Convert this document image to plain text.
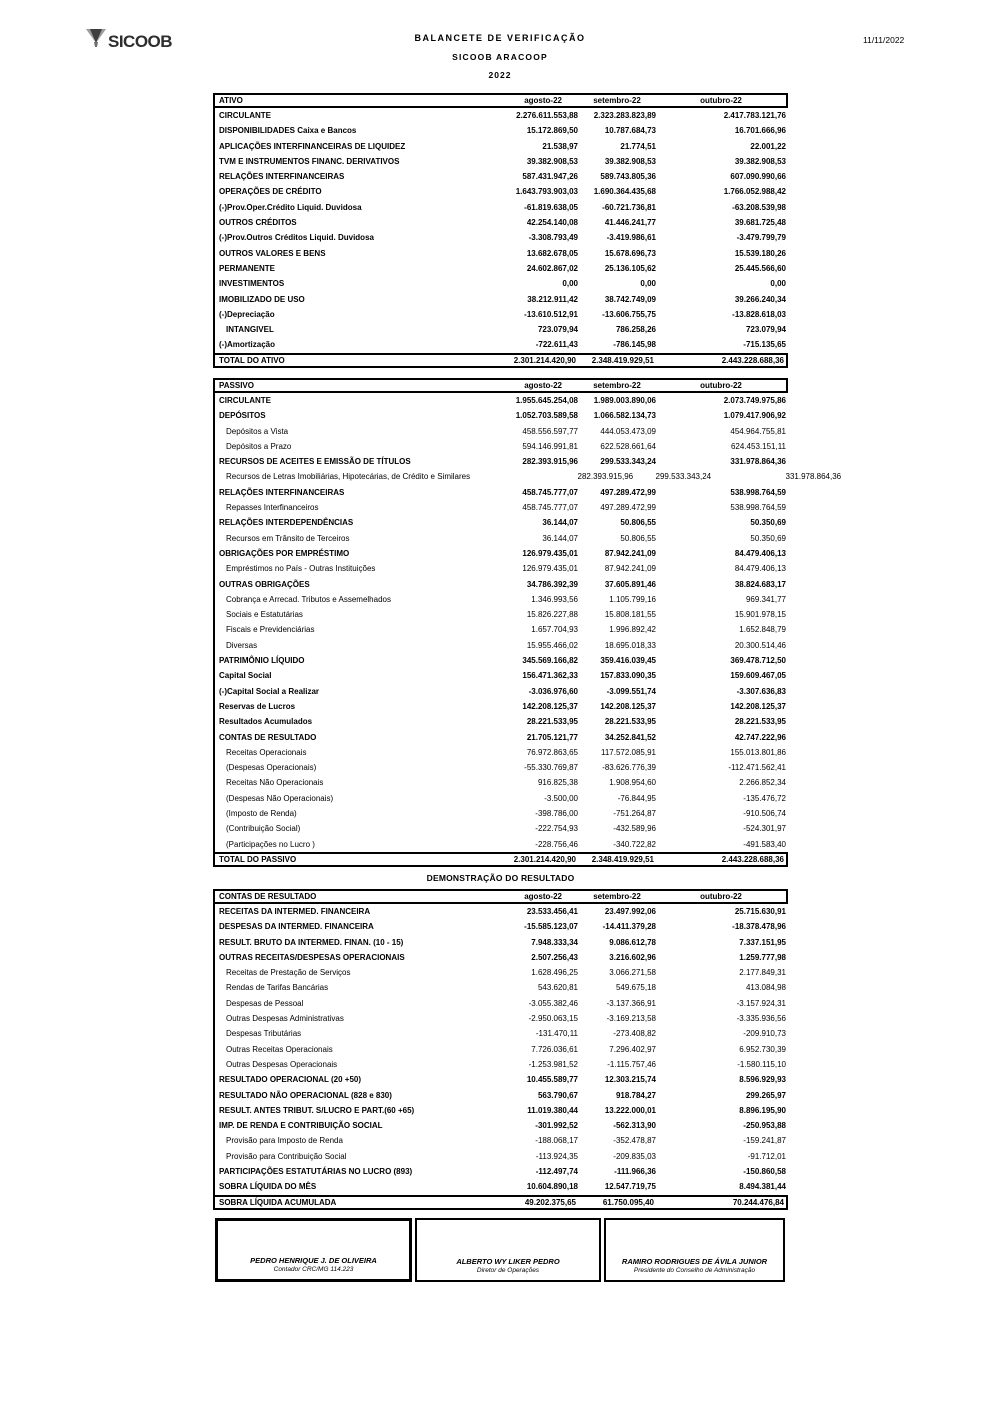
SICOOB	BALANCETE DE VERIFICAÇÃO
SICOOB ARACOOP
2022
11/11/2022
ATIVO	agosto-22	setembro-22	outubro-22
CIRCULANTE	2.276.611.553,88	2.323.283.823,89	2.417.783.121,76
DISPONIBILIDADES Caixa e Bancos	15.172.869,50	10.787.684,73	16.701.666,96
APLICAÇÕES INTERFINANCEIRAS DE LIQUIDEZ	21.538,97	21.774,51	22.001,22
TVM E INSTRUMENTOS FINANC. DERIVATIVOS	39.382.908,53	39.382.908,53	39.382.908,53
RELAÇÕES INTERFINANCEIRAS	587.431.947,26	589.743.805,36	607.090.990,66
OPERAÇÕES DE CRÉDITO	1.643.793.903,03	1.690.364.435,68	1.766.052.988,42
(-)Prov.Oper.Crédito Liquid. Duvidosa	-61.819.638,05	-60.721.736,81	-63.208.539,98
OUTROS CRÉDITOS	42.254.140,08	41.446.241,77	39.681.725,48
(-)Prov.Outros Créditos Liquid. Duvidosa	-3.308.793,49	-3.419.986,61	-3.479.799,79
OUTROS VALORES E BENS	13.682.678,05	15.678.696,73	15.539.180,26
PERMANENTE	24.602.867,02	25.136.105,62	25.445.566,60
INVESTIMENTOS	0,00	0,00	0,00
IMOBILIZADO DE USO	38.212.911,42	38.742.749,09	39.266.240,34
(-)Depreciação	-13.610.512,91	-13.606.755,75	-13.828.618,03
INTANGIVEL	723.079,94	786.258,26	723.079,94
(-)Amortização	-722.611,43	-786.145,98	-715.135,65
TOTAL DO ATIVO	2.301.214.420,90	2.348.419.929,51	2.443.228.688,36
PASSIVO	agosto-22	setembro-22	outubro-22
CIRCULANTE	1.955.645.254,08	1.989.003.890,06	2.073.749.975,86
DEPÓSITOS	1.052.703.589,58	1.066.582.134,73	1.079.417.906,92
Depósitos a Vista	458.556.597,77	444.053.473,09	454.964.755,81
Depósitos a Prazo	594.146.991,81	622.528.661,64	624.453.151,11
RECURSOS DE ACEITES E EMISSÃO DE TÍTULOS	282.393.915,96	299.533.343,24	331.978.864,36
Recursos de Letras Imobiliárias, Hipotecárias, de Crédito e Similares	282.393.915,96	299.533.343,24	331.978.864,36
RELAÇÕES INTERFINANCEIRAS	458.745.777,07	497.289.472,99	538.998.764,59
Repasses Interfinanceiros	458.745.777,07	497.289.472,99	538.998.764,59
RELAÇÕES INTERDEPENDÊNCIAS	36.144,07	50.806,55	50.350,69
Recursos em Trânsito de Terceiros	36.144,07	50.806,55	50.350,69
OBRIGAÇÕES POR EMPRÉSTIMO	126.979.435,01	87.942.241,09	84.479.406,13
Empréstimos no País - Outras Instituições	126.979.435,01	87.942.241,09	84.479.406,13
OUTRAS OBRIGAÇÕES	34.786.392,39	37.605.891,46	38.824.683,17
Cobrança e Arrecad. Tributos e Assemelhados	1.346.993,56	1.105.799,16	969.341,77
Sociais e Estatutárias	15.826.227,88	15.808.181,55	15.901.978,15
Fiscais e Previdenciárias	1.657.704,93	1.996.892,42	1.652.848,79
Diversas	15.955.466,02	18.695.018,33	20.300.514,46
PATRIMÔNIO LÍQUIDO	345.569.166,82	359.416.039,45	369.478.712,50
Capital Social	156.471.362,33	157.833.090,35	159.609.467,05
(-)Capital Social a Realizar	-3.036.976,60	-3.099.551,74	-3.307.636,83
Reservas de Lucros	142.208.125,37	142.208.125,37	142.208.125,37
Resultados Acumulados	28.221.533,95	28.221.533,95	28.221.533,95
CONTAS DE RESULTADO	21.705.121,77	34.252.841,52	42.747.222,96
Receitas Operacionais	76.972.863,65	117.572.085,91	155.013.801,86
(Despesas Operacionais)	-55.330.769,87	-83.626.776,39	-112.471.562,41
Receitas Não Operacionais	916.825,38	1.908.954,60	2.266.852,34
(Despesas Não Operacionais)	-3.500,00	-76.844,95	-135.476,72
(Imposto de Renda)	-398.786,00	-751.264,87	-910.506,74
(Contribuição Social)	-222.754,93	-432.589,96	-524.301,97
(Participações no Lucro )	-228.756,46	-340.722,82	-491.583,40
TOTAL DO PASSIVO	2.301.214.420,90	2.348.419.929,51	2.443.228.688,36
DEMONSTRAÇÃO DO RESULTADO
CONTAS DE RESULTADO	agosto-22	setembro-22	outubro-22
RECEITAS DA INTERMED. FINANCEIRA	23.533.456,41	23.497.992,06	25.715.630,91
DESPESAS DA INTERMED. FINANCEIRA	-15.585.123,07	-14.411.379,28	-18.378.478,96
RESULT. BRUTO DA INTERMED. FINAN. (10 - 15)	7.948.333,34	9.086.612,78	7.337.151,95
OUTRAS RECEITAS/DESPESAS OPERACIONAIS	2.507.256,43	3.216.602,96	1.259.777,98
Receitas de Prestação de Serviços	1.628.496,25	3.066.271,58	2.177.849,31
Rendas de Tarifas Bancárias	543.620,81	549.675,18	413.084,98
Despesas de Pessoal	-3.055.382,46	-3.137.366,91	-3.157.924,31
Outras Despesas Administrativas	-2.950.063,15	-3.169.213,58	-3.335.936,56
Despesas Tributárias	-131.470,11	-273.408,82	-209.910,73
Outras Receitas Operacionais	7.726.036,61	7.296.402,97	6.952.730,39
Outras Despesas Operacionais	-1.253.981,52	-1.115.757,46	-1.580.115,10
RESULTADO OPERACIONAL (20 +50)	10.455.589,77	12.303.215,74	8.596.929,93
RESULTADO NÃO OPERACIONAL (828 e 830)	563.790,67	918.784,27	299.265,97
RESULT. ANTES TRIBUT. S/LUCRO E PART.(60 +65)	11.019.380,44	13.222.000,01	8.896.195,90
IMP. DE RENDA E CONTRIBUIÇÃO SOCIAL	-301.992,52	-562.313,90	-250.953,88
Provisão para Imposto de Renda	-188.068,17	-352.478,87	-159.241,87
Provisão para Contribuição Social	-113.924,35	-209.835,03	-91.712,01
PARTICIPAÇÕES ESTATUTÁRIAS NO LUCRO (893)	-112.497,74	-111.966,36	-150.860,58
SOBRA LÍQUIDA DO MÊS	10.604.890,18	12.547.719,75	8.494.381,44
SOBRA LÍQUIDA ACUMULADA	49.202.375,65	61.750.095,40	70.244.476,84
PEDRO HENRIQUE J. DE OLIVEIRA
Contador CRC/MG 114.223
ALBERTO WY LIKER PEDRO
Diretor de Operações
RAMIRO RODRIGUES DE ÁVILA JUNIOR
Presidente do Conselho de Administração
